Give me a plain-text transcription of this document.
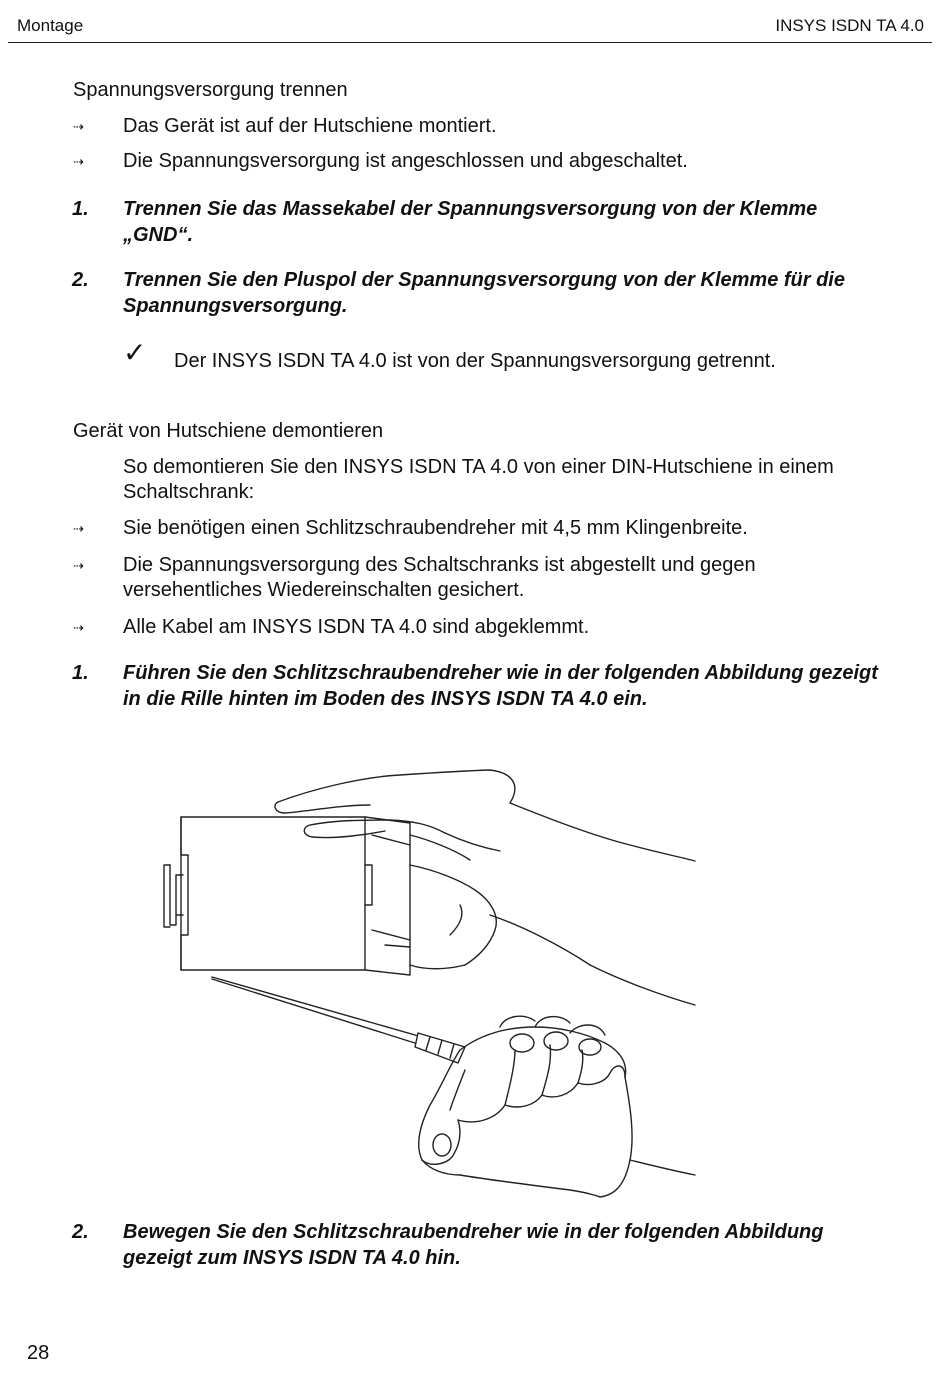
Montage	INSYS ISDN TA 4.0
Spannungsversorgung trennen
⇢ Das Gerät ist auf der Hutschiene montiert.
⇢ Die Spannungsversorgung ist angeschlossen und abgeschaltet.
1. Trennen Sie das Massekabel der Spannungsversorgung von der Klemme „GND“.
2. Trennen Sie den Pluspol der Spannungsversorgung von der Klemme für die Spannungsversorgung.
✓ Der INSYS ISDN TA 4.0 ist von der Spannungsversorgung getrennt.
Gerät von Hutschiene demontieren
So demontieren Sie den INSYS ISDN TA 4.0 von einer DIN-Hutschiene in einem Schaltschrank:
⇢ Sie benötigen einen Schlitzschraubendreher mit 4,5 mm Klingenbreite.
⇢ Die Spannungsversorgung des Schaltschranks ist abgestellt und gegen versehentliches Wiedereinschalten gesichert.
⇢ Alle Kabel am INSYS ISDN TA 4.0 sind abgeklemmt.
1. Führen Sie den Schlitzschraubendreher wie in der folgenden Abbildung gezeigt in die Rille hinten im Boden des INSYS ISDN TA 4.0 ein.
2. Bewegen Sie den Schlitzschraubendreher wie in der folgenden Abbildung gezeigt zum INSYS ISDN TA 4.0 hin.
28
